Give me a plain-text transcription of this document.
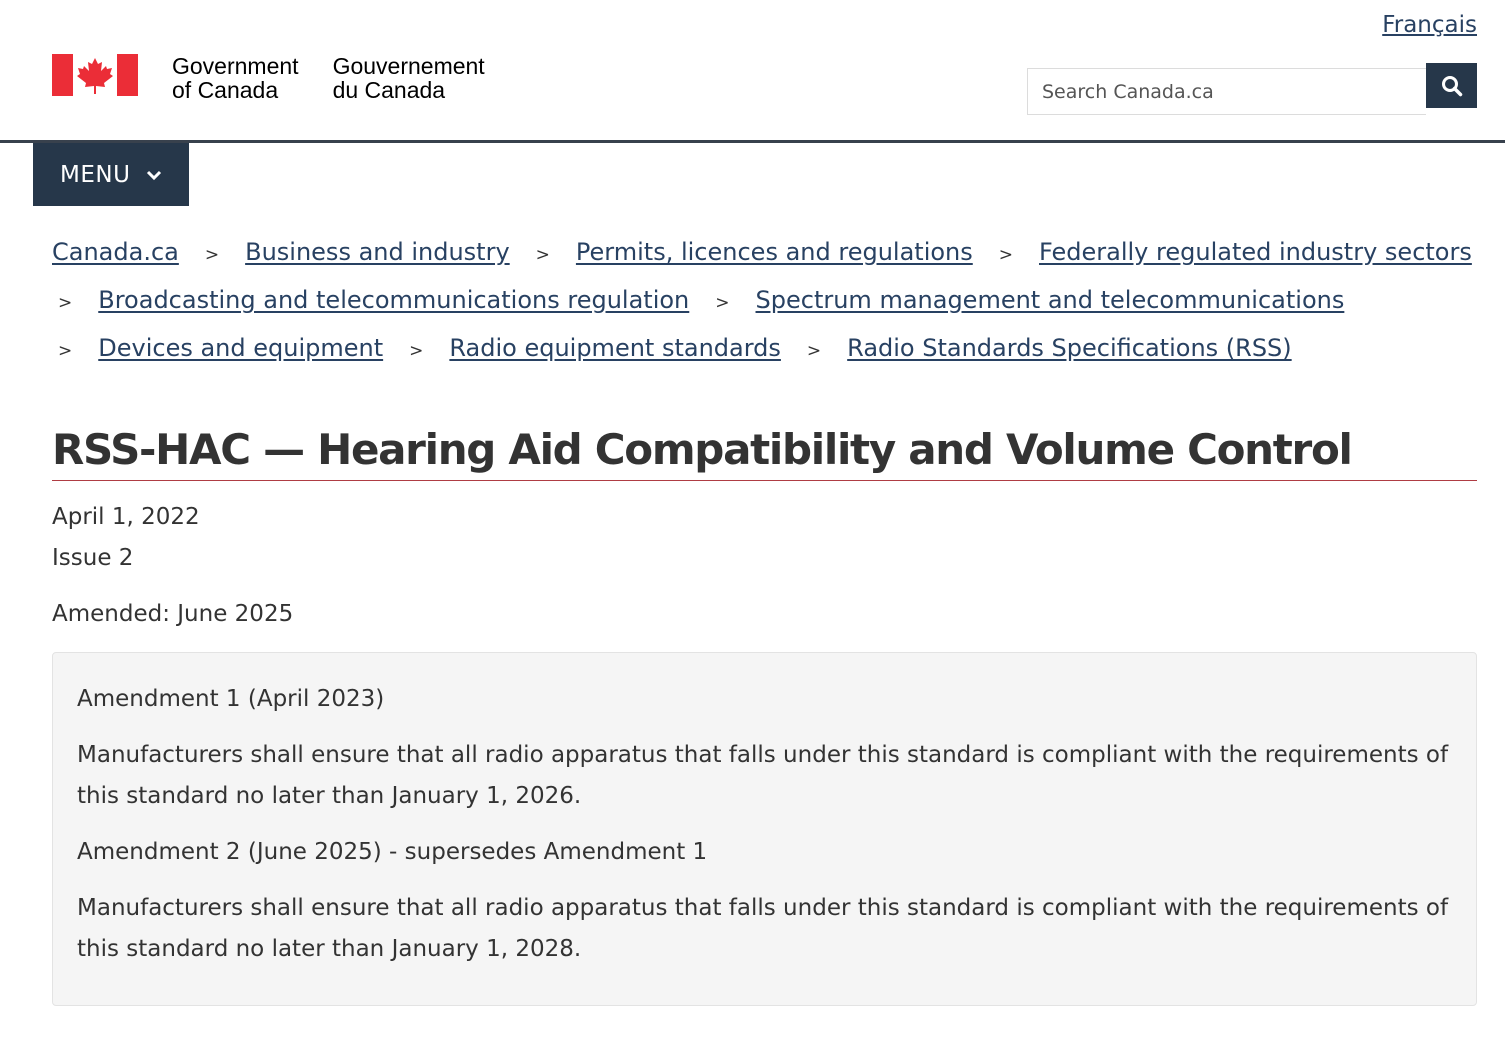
Français
Government
of Canada
Gouvernement
du Canada
Search Canada.ca
MENU
Canada.ca	>	Business and industry	>	Permits, licences and regulations	>	Federally regulated industry sectors
>	Broadcasting and telecommunications regulation	>	Spectrum management and telecommunications
>	Devices and equipment	>	Radio equipment standards	>	Radio Standards Specifications (RSS)
RSS-HAC — Hearing Aid Compatibility and Volume Control
April 1, 2022
Issue 2
Amended: June 2025

Amendment 1 (April 2023)

Manufacturers shall ensure that all radio apparatus that falls under this standard is compliant with the requirements of this standard no later than January 1, 2026.

Amendment 2 (June 2025) - supersedes Amendment 1

Manufacturers shall ensure that all radio apparatus that falls under this standard is compliant with the requirements of this standard no later than January 1, 2028.
